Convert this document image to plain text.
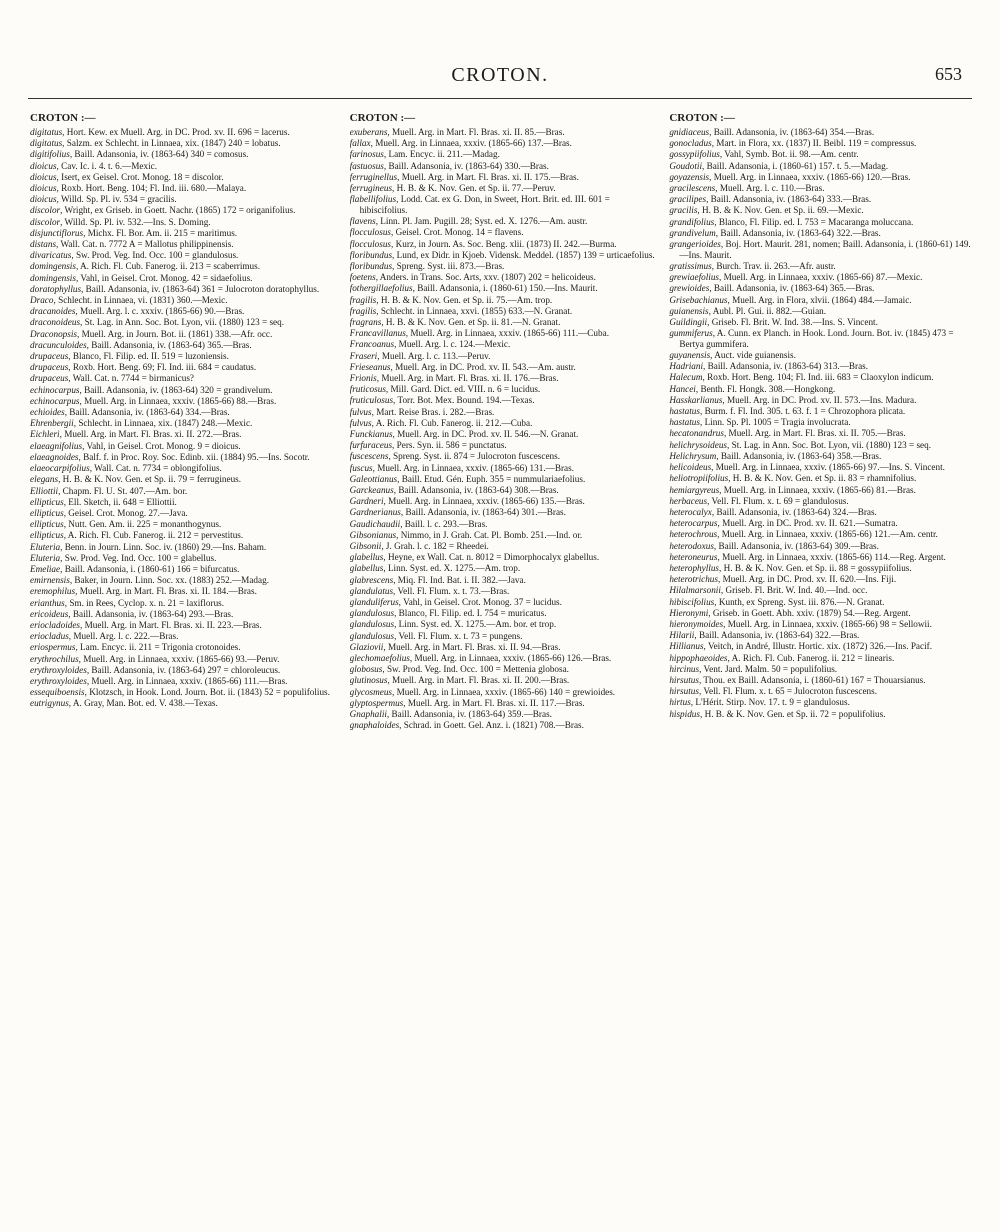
CROTON.	653
CROTON :—
digitatus, Hort. Kew. ex Muell. Arg. in DC. Prod. xv. II. 696 = lacerus.
digitatus, Salzm. ex Schlecht. in Linnaea, xix. (1847) 240 = lobatus.
digitifolius, Baill. Adansonia, iv. (1863-64) 340 = comosus.
dioicus, Cav. Ic. i. 4. t. 6.—Mexic.
dioicus, Isert, ex Geisel. Crot. Monog. 18 = discolor.
dioicus, Roxb. Hort. Beng. 104; Fl. Ind. iii. 680.—Malaya.
dioicus, Willd. Sp. Pl. iv. 534 = gracilis.
discolor, Wright, ex Griseb. in Goett. Nachr. (1865) 172 = origanifolius.
discolor, Willd. Sp. Pl. iv. 532.—Ins. S. Doming.
disjunctiflorus, Michx. Fl. Bor. Am. ii. 215 = maritimus.
distans, Wall. Cat. n. 7772 A = Mallotus philippinensis.
divaricatus, Sw. Prod. Veg. Ind. Occ. 100 = glandulosus.
domingensis, A. Rich. Fl. Cub. Fanerog. ii. 213 = scaberrimus.
domingensis, Vahl, in Geisel. Crot. Monog. 42 = sidaefolius.
doratophyllus, Baill. Adansonia, iv. (1863-64) 361 = Julocroton doratophyllus.
Draco, Schlecht. in Linnaea, vi. (1831) 360.—Mexic.
dracanoides, Muell. Arg. l. c. xxxiv. (1865-66) 90.—Bras.
draconoideus, St. Lag. in Ann. Soc. Bot. Lyon, vii. (1880) 123 = seq.
Draconopsis, Muell. Arg. in Journ. Bot. ii. (1861) 338.—Afr. occ.
dracunculoides, Baill. Adansonia, iv. (1863-64) 365.—Bras.
drupaceus, Blanco, Fl. Filip. ed. II. 519 = luzoniensis.
drupaceus, Roxb. Hort. Beng. 69; Fl. Ind. iii. 684 = caudatus.
drupaceus, Wall. Cat. n. 7744 = birmanicus?
echinocarpus, Baill. Adansonia, iv. (1863-64) 320 = grandivelum.
echinocarpus, Muell. Arg. in Linnaea, xxxiv. (1865-66) 88.—Bras.
echioides, Baill. Adansonia, iv. (1863-64) 334.—Bras.
Ehrenbergii, Schlecht. in Linnaea, xix. (1847) 248.—Mexic.
Eichleri, Muell. Arg. in Mart. Fl. Bras. xi. II. 272.—Bras.
elaeagnifolius, Vahl, in Geisel. Crot. Monog. 9 = dioicus.
elaeagnoides, Balf. f. in Proc. Roy. Soc. Edinb. xii. (1884) 95.—Ins. Socotr.
elaeocarpifolius, Wall. Cat. n. 7734 = oblongifolius.
elegans, H. B. & K. Nov. Gen. et Sp. ii. 79 = ferrugineus.
Elliottii, Chapm. Fl. U. St. 407.—Am. bor.
ellipticus, Ell. Sketch, ii. 648 = Elliottii.
ellipticus, Geisel. Crot. Monog. 27.—Java.
ellipticus, Nutt. Gen. Am. ii. 225 = monanthogynus.
ellipticus, A. Rich. Fl. Cub. Fanerog. ii. 212 = pervestitus.
Eluteria, Benn. in Journ. Linn. Soc. iv. (1860) 29.—Ins. Baham.
Eluteria, Sw. Prod. Veg. Ind. Occ. 100 = glabellus.
Emeliae, Baill. Adansonia, i. (1860-61) 166 = bifurcatus.
emirnensis, Baker, in Journ. Linn. Soc. xx. (1883) 252.—Madag.
eremophilus, Muell. Arg. in Mart. Fl. Bras. xi. II. 184.—Bras.
erianthus, Sm. in Rees, Cyclop. x. n. 21 = laxiflorus.
ericoideus, Baill. Adansonia, iv. (1863-64) 293.—Bras.
eriocladoides, Muell. Arg. in Mart. Fl. Bras. xi. II. 223.—Bras.
eriocladus, Muell. Arg. l. c. 222.—Bras.
eriospermus, Lam. Encyc. ii. 211 = Trigonia crotonoides.
erythrochilus, Muell. Arg. in Linnaea, xxxiv. (1865-66) 93.—Peruv.
erythroxyloides, Baill. Adansonia, iv. (1863-64) 297 = chloroleucus.
erythroxyloides, Muell. Arg. in Linnaea, xxxiv. (1865-66) 111.—Bras.
essequiboensis, Klotzsch, in Hook. Lond. Journ. Bot. ii. (1843) 52 = populifolius.
eutrigynus, A. Gray, Man. Bot. ed. V. 438.—Texas.
CROTON :—
exuberans, Muell. Arg. in Mart. Fl. Bras. xi. II. 85.—Bras.
fallax, Muell. Arg. in Linnaea, xxxiv. (1865-66) 137.—Bras.
farinosus, Lam. Encyc. ii. 211.—Madag.
fastuosus, Baill. Adansonia, iv. (1863-64) 330.—Bras.
ferruginellus, Muell. Arg. in Mart. Fl. Bras. xi. II. 175.—Bras.
ferrugineus, H. B. & K. Nov. Gen. et Sp. ii. 77.—Peruv.
flabellifolius, Lodd. Cat. ex G. Don, in Sweet, Hort. Brit. ed. III. 601 = hibiscifolius.
flavens, Linn. Pl. Jam. Pugill. 28; Syst. ed. X. 1276.—Am. austr.
flocculosus, Geisel. Crot. Monog. 14 = flavens.
flocculosus, Kurz, in Journ. As. Soc. Beng. xlii. (1873) II. 242.—Burma.
floribundus, Lund, ex Didr. in Kjoeb. Vidensk. Meddel. (1857) 139 = urticaefolius.
floribundus, Spreng. Syst. iii. 873.—Bras.
foetens, Anders. in Trans. Soc. Arts, xxv. (1807) 202 = helicoideus.
fothergillaefolius, Baill. Adansonia, i. (1860-61) 150.—Ins. Maurit.
fragilis, H. B. & K. Nov. Gen. et Sp. ii. 75.—Am. trop.
fragilis, Schlecht. in Linnaea, xxvi. (1855) 633.—N. Granat.
fragrans, H. B. & K. Nov. Gen. et Sp. ii. 81.—N. Granat.
Francavillanus, Muell. Arg. in Linnaea, xxxiv. (1865-66) 111.—Cuba.
Francoanus, Muell. Arg. l. c. 124.—Mexic.
Fraseri, Muell. Arg. l. c. 113.—Peruv.
Frieseanus, Muell. Arg. in DC. Prod. xv. II. 543.—Am. austr.
Frionis, Muell. Arg. in Mart. Fl. Bras. xi. II. 176.—Bras.
fruticosus, Mill. Gard. Dict. ed. VIII. n. 6 = lucidus.
fruticulosus, Torr. Bot. Mex. Bound. 194.—Texas.
fulvus, Mart. Reise Bras. i. 282.—Bras.
fulvus, A. Rich. Fl. Cub. Fanerog. ii. 212.—Cuba.
Funckianus, Muell. Arg. in DC. Prod. xv. II. 546.—N. Granat.
furfuraceus, Pers. Syn. ii. 586 = punctatus.
fuscescens, Spreng. Syst. ii. 874 = Julocroton fuscescens.
fuscus, Muell. Arg. in Linnaea, xxxiv. (1865-66) 131.—Bras.
Galeottianus, Baill. Etud. Gén. Euph. 355 = nummulariaefolius.
Garckeanus, Baill. Adansonia, iv. (1863-64) 308.—Bras.
Gardneri, Muell. Arg. in Linnaea, xxxiv. (1865-66) 135.—Bras.
Gardnerianus, Baill. Adansonia, iv. (1863-64) 301.—Bras.
Gaudichaudii, Baill. l. c. 293.—Bras.
Gibsonianus, Nimmo, in J. Grah. Cat. Pl. Bomb. 251.—Ind. or.
Gibsonii, J. Grah. l. c. 182 = Rheedei.
glabellus, Heyne, ex Wall. Cat. n. 8012 = Dimorphocalyx glabellus.
glabellus, Linn. Syst. ed. X. 1275.—Am. trop.
glabrescens, Miq. Fl. Ind. Bat. i. II. 382.—Java.
glandulatus, Vell. Fl. Flum. x. t. 73.—Bras.
glanduliferus, Vahl, in Geisel. Crot. Monog. 37 = lucidus.
glandulosus, Blanco, Fl. Filip. ed. I. 754 = muricatus.
glandulosus, Linn. Syst. ed. X. 1275.—Am. bor. et trop.
glandulosus, Vell. Fl. Flum. x. t. 73 = pungens.
Glaziovii, Muell. Arg. in Mart. Fl. Bras. xi. II. 94.—Bras.
glechomaefolius, Muell. Arg. in Linnaea, xxxiv. (1865-66) 126.—Bras.
globosus, Sw. Prod. Veg. Ind. Occ. 100 = Mettenia globosa.
glutinosus, Muell. Arg. in Mart. Fl. Bras. xi. II. 200.—Bras.
glycosmeus, Muell. Arg. in Linnaea, xxxiv. (1865-66) 140 = grewioides.
glyptospermus, Muell. Arg. in Mart. Fl. Bras. xi. II. 117.—Bras.
Gnaphalii, Baill. Adansonia, iv. (1863-64) 359.—Bras.
gnaphaloides, Schrad. in Goett. Gel. Anz. i. (1821) 708.—Bras.
CROTON :—
gnidiaceus, Baill. Adansonia, iv. (1863-64) 354.—Bras.
gonocladus, Mart. in Flora, xx. (1837) II. Beibl. 119 = compressus.
gossypiifolius, Vahl, Symb. Bot. ii. 98.—Am. centr.
Goudotii, Baill. Adansonia, i. (1860-61) 157. t. 5.—Madag.
goyazensis, Muell. Arg. in Linnaea, xxxiv. (1865-66) 120.—Bras.
gracilescens, Muell. Arg. l. c. 110.—Bras.
gracilipes, Baill. Adansonia, iv. (1863-64) 333.—Bras.
gracilis, H. B. & K. Nov. Gen. et Sp. ii. 69.—Mexic.
grandifolius, Blanco, Fl. Filip. ed. I. 753 = Macaranga moluccana.
grandivelum, Baill. Adansonia, iv. (1863-64) 322.—Bras.
grangerioides, Boj. Hort. Maurit. 281, nomen; Baill. Adansonia, i. (1860-61) 149.—Ins. Maurit.
gratissimus, Burch. Trav. ii. 263.—Afr. austr.
grewiaefolius, Muell. Arg. in Linnaea, xxxiv. (1865-66) 87.—Mexic.
grewioides, Baill. Adansonia, iv. (1863-64) 365.—Bras.
Grisebachianus, Muell. Arg. in Flora, xlvii. (1864) 484.—Jamaic.
guianensis, Aubl. Pl. Gui. ii. 882.—Guian.
Guildingii, Griseb. Fl. Brit. W. Ind. 38.—Ins. S. Vincent.
gummiferus, A. Cunn. ex Planch. in Hook. Lond. Journ. Bot. iv. (1845) 473 = Bertya gummifera.
guyanensis, Auct. vide guianensis.
Hadriani, Baill. Adansonia, iv. (1863-64) 313.—Bras.
Halecum, Roxb. Hort. Beng. 104; Fl. Ind. iii. 683 = Claoxylon indicum.
Hancei, Benth. Fl. Hongk. 308.—Hongkong.
Hasskarlianus, Muell. Arg. in DC. Prod. xv. II. 573.—Ins. Madura.
hastatus, Burm. f. Fl. Ind. 305. t. 63. f. 1 = Chrozophora plicata.
hastatus, Linn. Sp. Pl. 1005 = Tragia involucrata.
hecatonandrus, Muell. Arg. in Mart. Fl. Bras. xi. II. 705.—Bras.
helichrysoideus, St. Lag. in Ann. Soc. Bot. Lyon, vii. (1880) 123 = seq.
Helichrysum, Baill. Adansonia, iv. (1863-64) 358.—Bras.
helicoideus, Muell. Arg. in Linnaea, xxxiv. (1865-66) 97.—Ins. S. Vincent.
heliotropiifolius, H. B. & K. Nov. Gen. et Sp. ii. 83 = rhamnifolius.
hemiargyreus, Muell. Arg. in Linnaea, xxxiv. (1865-66) 81.—Bras.
herbaceus, Vell. Fl. Flum. x. t. 69 = glandulosus.
heterocalyx, Baill. Adansonia, iv. (1863-64) 324.—Bras.
heterocarpus, Muell. Arg. in DC. Prod. xv. II. 621.—Sumatra.
heterochrous, Muell. Arg. in Linnaea, xxxiv. (1865-66) 121.—Am. centr.
heterodoxus, Baill. Adansonia, iv. (1863-64) 309.—Bras.
heteroneurus, Muell. Arg. in Linnaea, xxxiv. (1865-66) 114.—Reg. Argent.
heterophyllus, H. B. & K. Nov. Gen. et Sp. ii. 88 = gossypiifolius.
heterotrichus, Muell. Arg. in DC. Prod. xv. II. 620.—Ins. Fiji.
Hilalmarsonii, Griseb. Fl. Brit. W. Ind. 40.—Ind. occ.
hibiscifolius, Kunth, ex Spreng. Syst. iii. 876.—N. Granat.
Hieronymi, Griseb. in Goett. Abh. xxiv. (1879) 54.—Reg. Argent.
hieronymoides, Muell. Arg. in Linnaea, xxxiv. (1865-66) 98 = Sellowii.
Hilarii, Baill. Adansonia, iv. (1863-64) 322.—Bras.
Hillianus, Veitch, in André, Illustr. Hortic. xix. (1872) 326.—Ins. Pacif.
hippophaeoides, A. Rich. Fl. Cub. Fanerog. ii. 212 = linearis.
hircinus, Vent. Jard. Malm. 50 = populifolius.
hirsutus, Thou. ex Baill. Adansonia, i. (1860-61) 167 = Thouarsianus.
hirsutus, Vell. Fl. Flum. x. t. 65 = Julocroton fuscescens.
hirtus, L'Hérit. Stirp. Nov. 17. t. 9 = glandulosus.
hispidus, H. B. & K. Nov. Gen. et Sp. ii. 72 = populifolius.
